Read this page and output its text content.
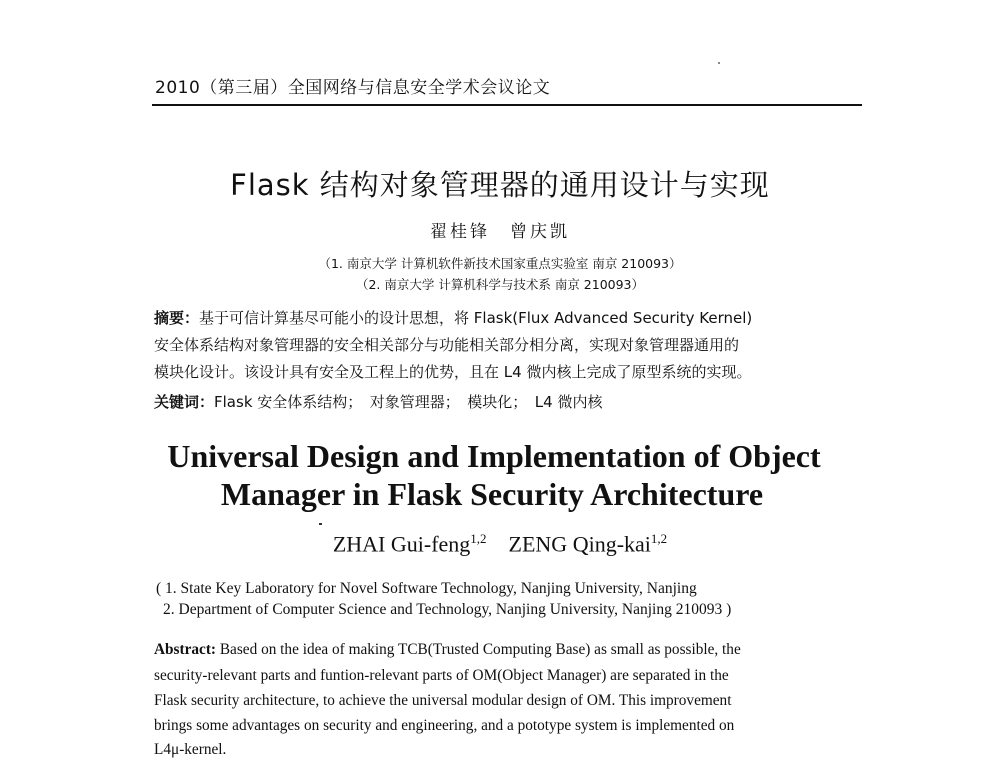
2010（第三届）全国网络与信息安全学术会议论文
Flask 结构对象管理器的通用设计与实现
翟桂锋　曾庆凯
（1. 南京大学 计算机软件新技术国家重点实验室 南京 210093）
（2. 南京大学 计算机科学与技术系 南京 210093）
摘要：基于可信计算基尽可能小的设计思想，将 Flask(Flux Advanced Security Kernel)
安全体系结构对象管理器的安全相关部分与功能相关部分相分离，实现对象管理器通用的
模块化设计。该设计具有安全及工程上的优势，且在 L4 微内核上完成了原型系统的实现。
关键词：Flask 安全体系结构；　对象管理器；　模块化；　L4 微内核
Universal Design and Implementation of Object
Manager in Flask Security Architecture
ZHAI Gui-feng$^{1,2}$ ZENG Qing-kai$^{1,2}$
( 1. State Key Laboratory for Novel Software Technology, Nanjing University, Nanjing
2. Department of Computer Science and Technology, Nanjing University, Nanjing 210093 )
Abstract: Based on the idea of making TCB(Trusted Computing Base) as small as possible, the
security-relevant parts and funtion-relevant parts of OM(Object Manager) are separated in the
Flask security architecture, to achieve the universal modular design of OM. This improvement
brings some advantages on security and engineering, and a pototype system is implemented on
L4μ-kernel.
